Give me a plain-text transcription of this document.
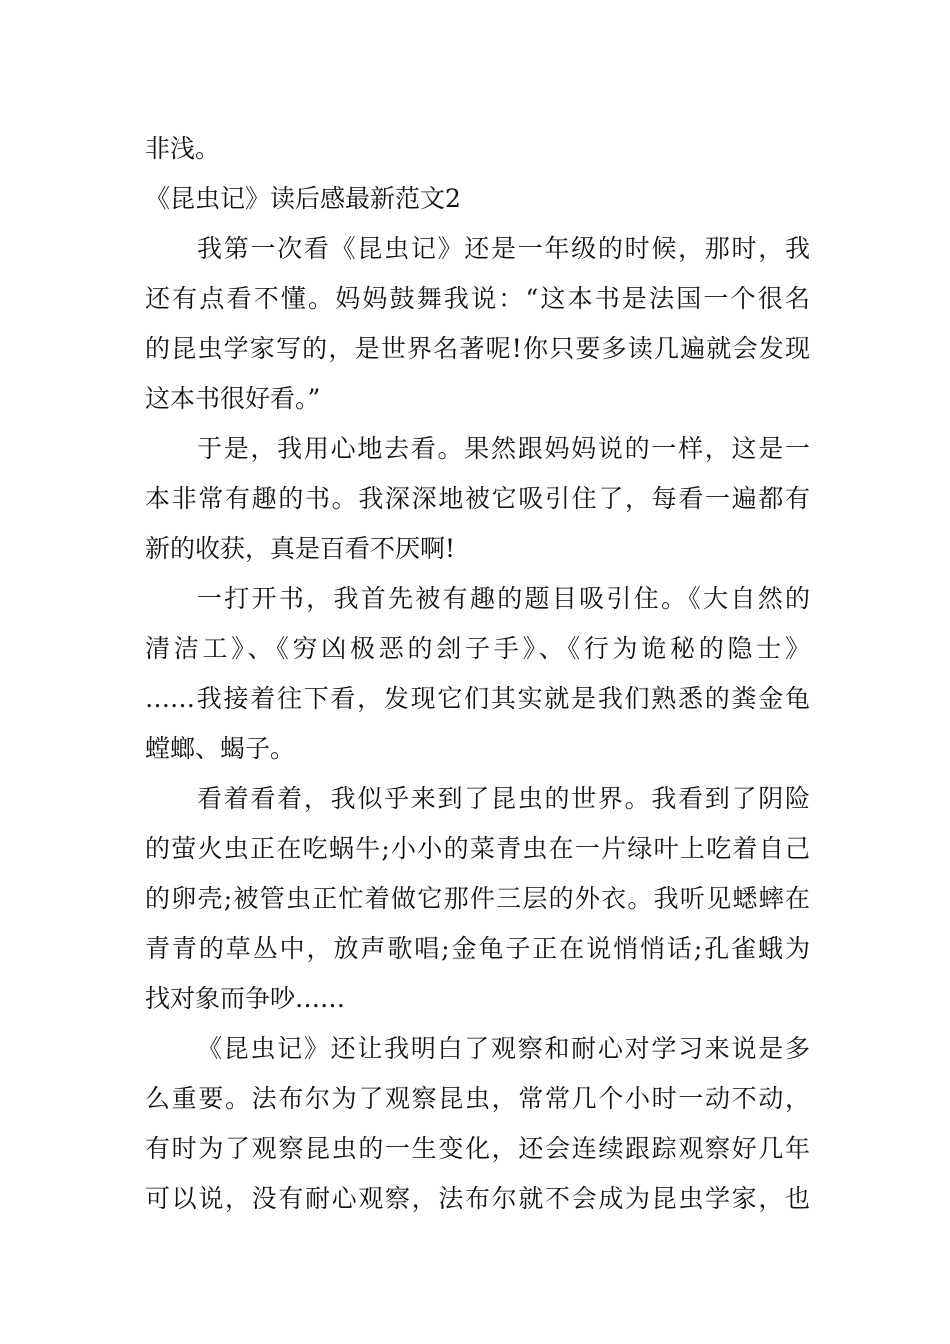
非浅。
《昆虫记》读后感最新范文2
我第一次看《昆虫记》还是一年级的时候，那时，我
还有点看不懂。妈妈鼓舞我说：“这本书是法国一个很名
的昆虫学家写的，是世界名著呢!你只要多读几遍就会发现
这本书很好看。”
于是，我用心地去看。果然跟妈妈说的一样，这是一
本非常有趣的书。我深深地被它吸引住了，每看一遍都有
新的收获，真是百看不厌啊!
一打开书，我首先被有趣的题目吸引住。《大自然的
清洁工》、《穷凶极恶的刽子手》、《行为诡秘的隐士》
……我接着往下看，发现它们其实就是我们熟悉的粪金龟
螳螂、蝎子。
看着看着，我似乎来到了昆虫的世界。我看到了阴险
的萤火虫正在吃蜗牛;小小的菜青虫在一片绿叶上吃着自己
的卵壳;被管虫正忙着做它那件三层的外衣。我听见蟋蟀在
青青的草丛中，放声歌唱;金龟子正在说悄悄话;孔雀蛾为
找对象而争吵……
《昆虫记》还让我明白了观察和耐心对学习来说是多
么重要。法布尔为了观察昆虫，常常几个小时一动不动，
有时为了观察昆虫的一生变化，还会连续跟踪观察好几年
可以说，没有耐心观察，法布尔就不会成为昆虫学家，也
